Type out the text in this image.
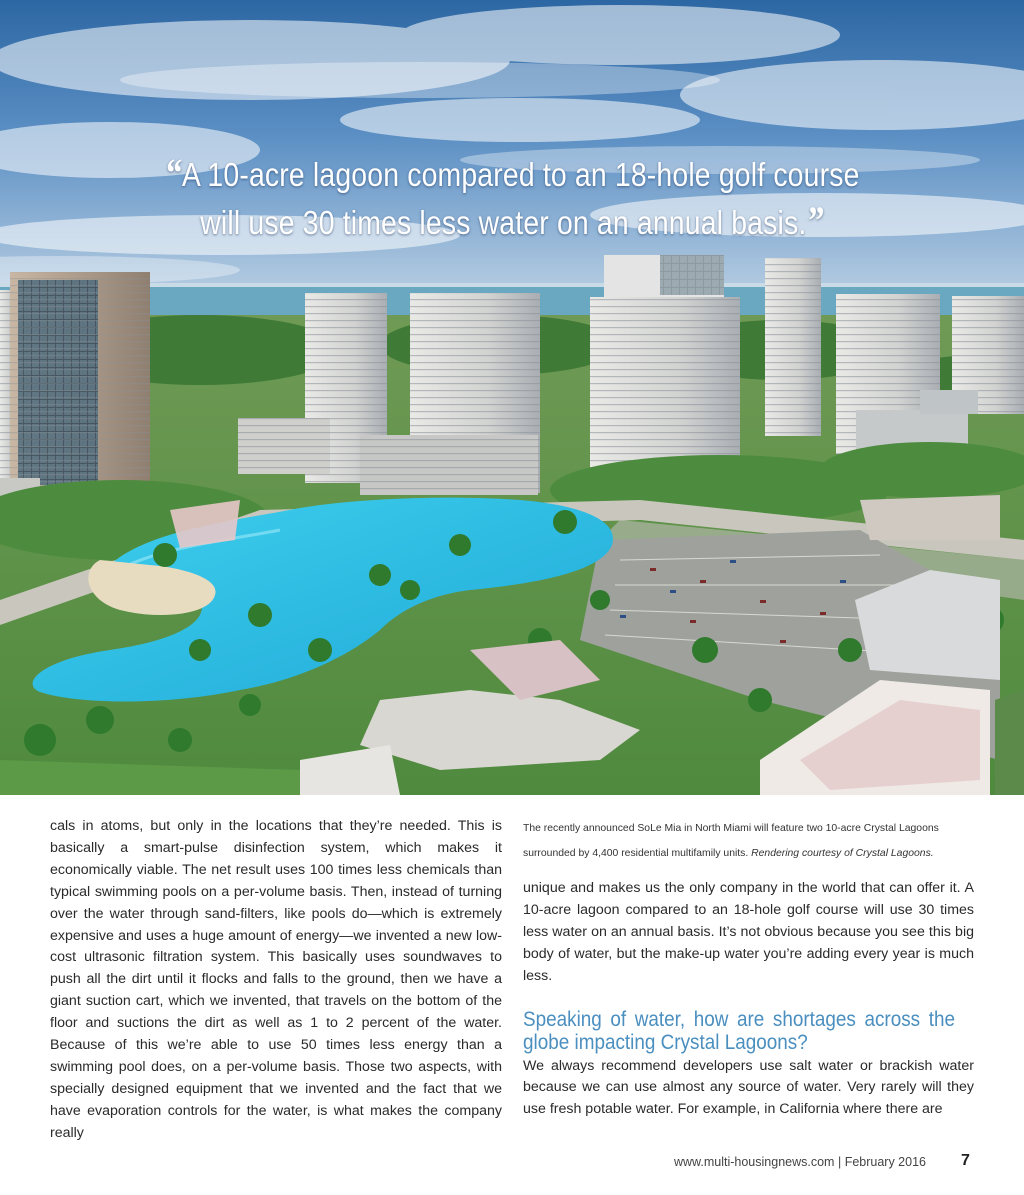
“A 10-acre lagoon compared to an 18-hole golf course
will use 30 times less water on an annual basis.”

cals in atoms, but only in the locations that they’re needed. This is basically a smart-pulse disinfection system, which makes it economically viable. The net result uses 100 times less chemicals than typical swimming pools on a per-volume basis. Then, instead of turning over the water through sand-filters, like pools do—which is extremely expensive and uses a huge amount of energy—we invented a new low-cost ultrasonic filtration system. This basically uses soundwaves to push all the dirt until it flocks and falls to the ground, then we have a giant suction cart, which we invented, that travels on the bottom of the floor and suctions the dirt as well as 1 to 2 percent of the water. Because of this we’re able to use 50 times less energy than a swimming pool does, on a per-volume basis. Those two aspects, with specially designed equipment that we invented and the fact that we have evaporation controls for the water, is what makes the company really

The recently announced SoLe Mia in North Miami will feature two 10-acre Crystal Lagoons surrounded by 4,400 residential multifamily units. Rendering courtesy of Crystal Lagoons.

unique and makes us the only company in the world that can offer it. A 10-acre lagoon compared to an 18-hole golf course will use 30 times less water on an annual basis. It’s not obvious because you see this big body of water, but the make-up water you’re adding every year is much less.

Speaking of water, how are shortages across the globe impacting Crystal Lagoons?

We always recommend developers use salt water or brackish water because we can use almost any source of water. Very rarely will they use fresh potable water. For example, in California where there are

www.multi-housingnews.com | February 2016 7
